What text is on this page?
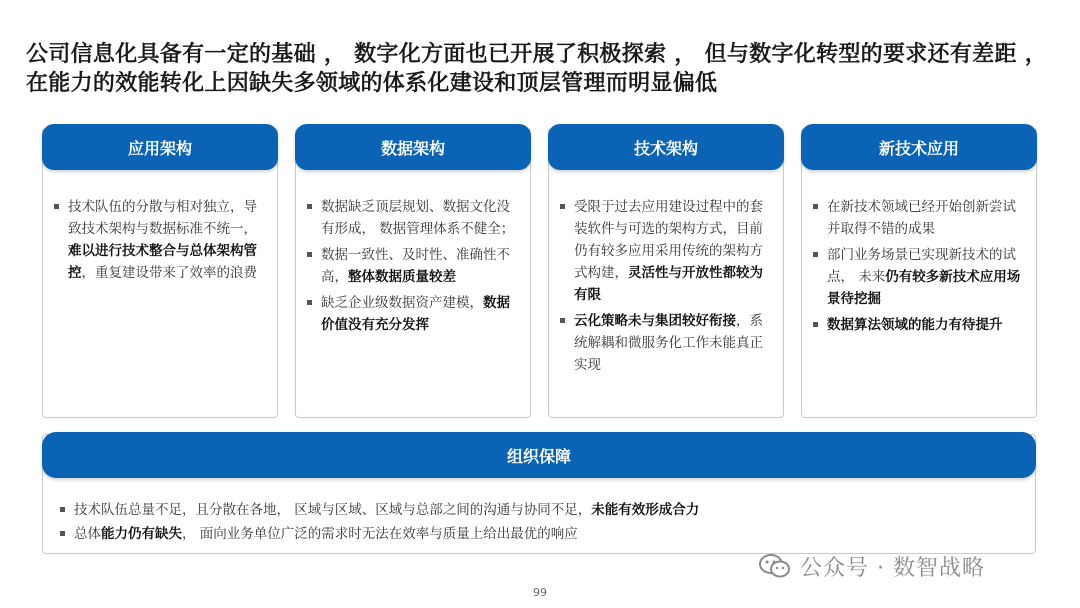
公司信息化具备有一定的基础 ， 数字化方面也已开展了积极探索 ， 但与数字化转型的要求还有差距 ， 在能力的效能转化上因缺失多领域的体系化建设和顶层管理而明显偏低
应用架构
技术队伍的分散与相对独立，导致技术架构与数据标准不统一，难以进行技术整合与总体架构管控，重复建设带来了效率的浪费
数据架构
数据缺乏顶层规划、数据文化没有形成， 数据管理体系不健全；
数据一致性、及时性、准确性不高，整体数据质量较差
缺乏企业级数据资产建模，数据价值没有充分发挥
技术架构
受限于过去应用建设过程中的套装软件与可选的架构方式，目前仍有较多应用采用传统的架构方式构建，灵活性与开放性都较为有限
云化策略未与集团较好衔接，系统解耦和微服务化工作未能真正实现
新技术应用
在新技术领域已经开始创新尝试并取得不错的成果
部门业务场景已实现新技术的试点， 未来仍有较多新技术应用场景待挖掘
数据算法领域的能力有待提升
组织保障
技术队伍总量不足，且分散在各地， 区域与区域、区域与总部之间的沟通与协同不足，未能有效形成合力
总体能力仍有缺失， 面向业务单位广泛的需求时无法在效率与质量上给出最优的响应
公众号 · 数智战略
99
